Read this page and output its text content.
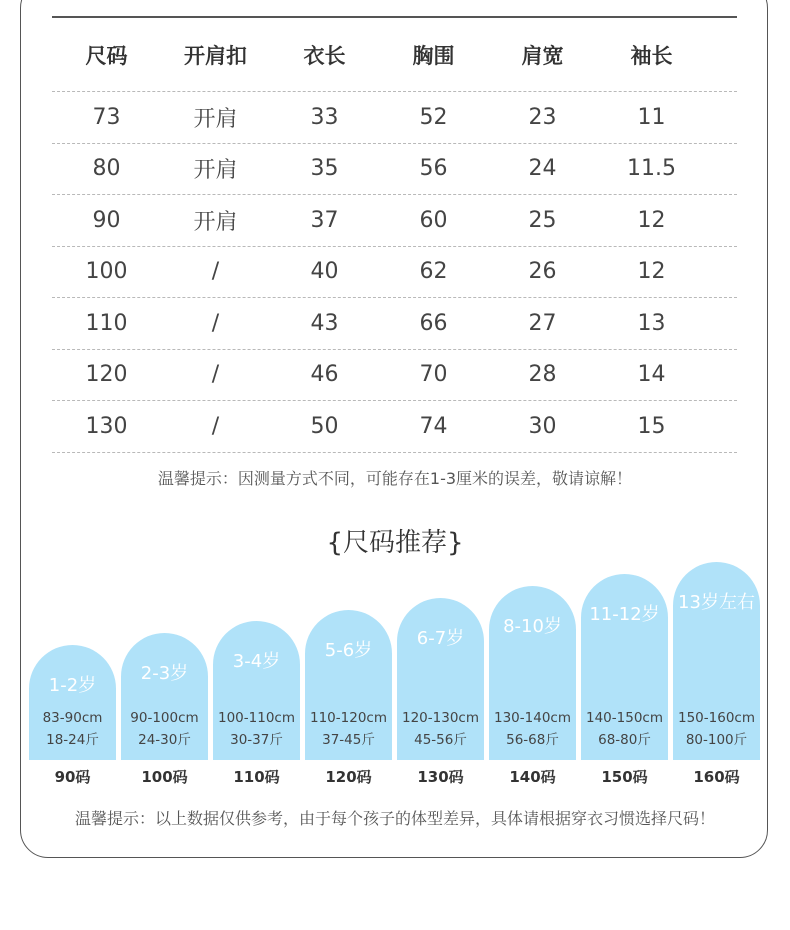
尺码	开肩扣	衣长	胸围	肩宽	袖长
73	开肩	33	52	23	11
80	开肩	35	56	24	11.5
90	开肩	37	60	25	12
100	/	40	62	26	12
110	/	43	66	27	13
120	/	46	70	28	14
130	/	50	74	30	15
温馨提示：因测量方式不同，可能存在1-3厘米的误差，敬请谅解！
{尺码推荐}
1-2岁
83-90cm
18-24斤
2-3岁
90-100cm
24-30斤
3-4岁
100-110cm
30-37斤
5-6岁
110-120cm
37-45斤
6-7岁
120-130cm
45-56斤
8-10岁
130-140cm
56-68斤
11-12岁
140-150cm
68-80斤
13岁左右
150-160cm
80-100斤
90码	100码	110码	120码	130码	140码	150码	160码
温馨提示：以上数据仅供参考，由于每个孩子的体型差异，具体请根据穿衣习惯选择尺码！
